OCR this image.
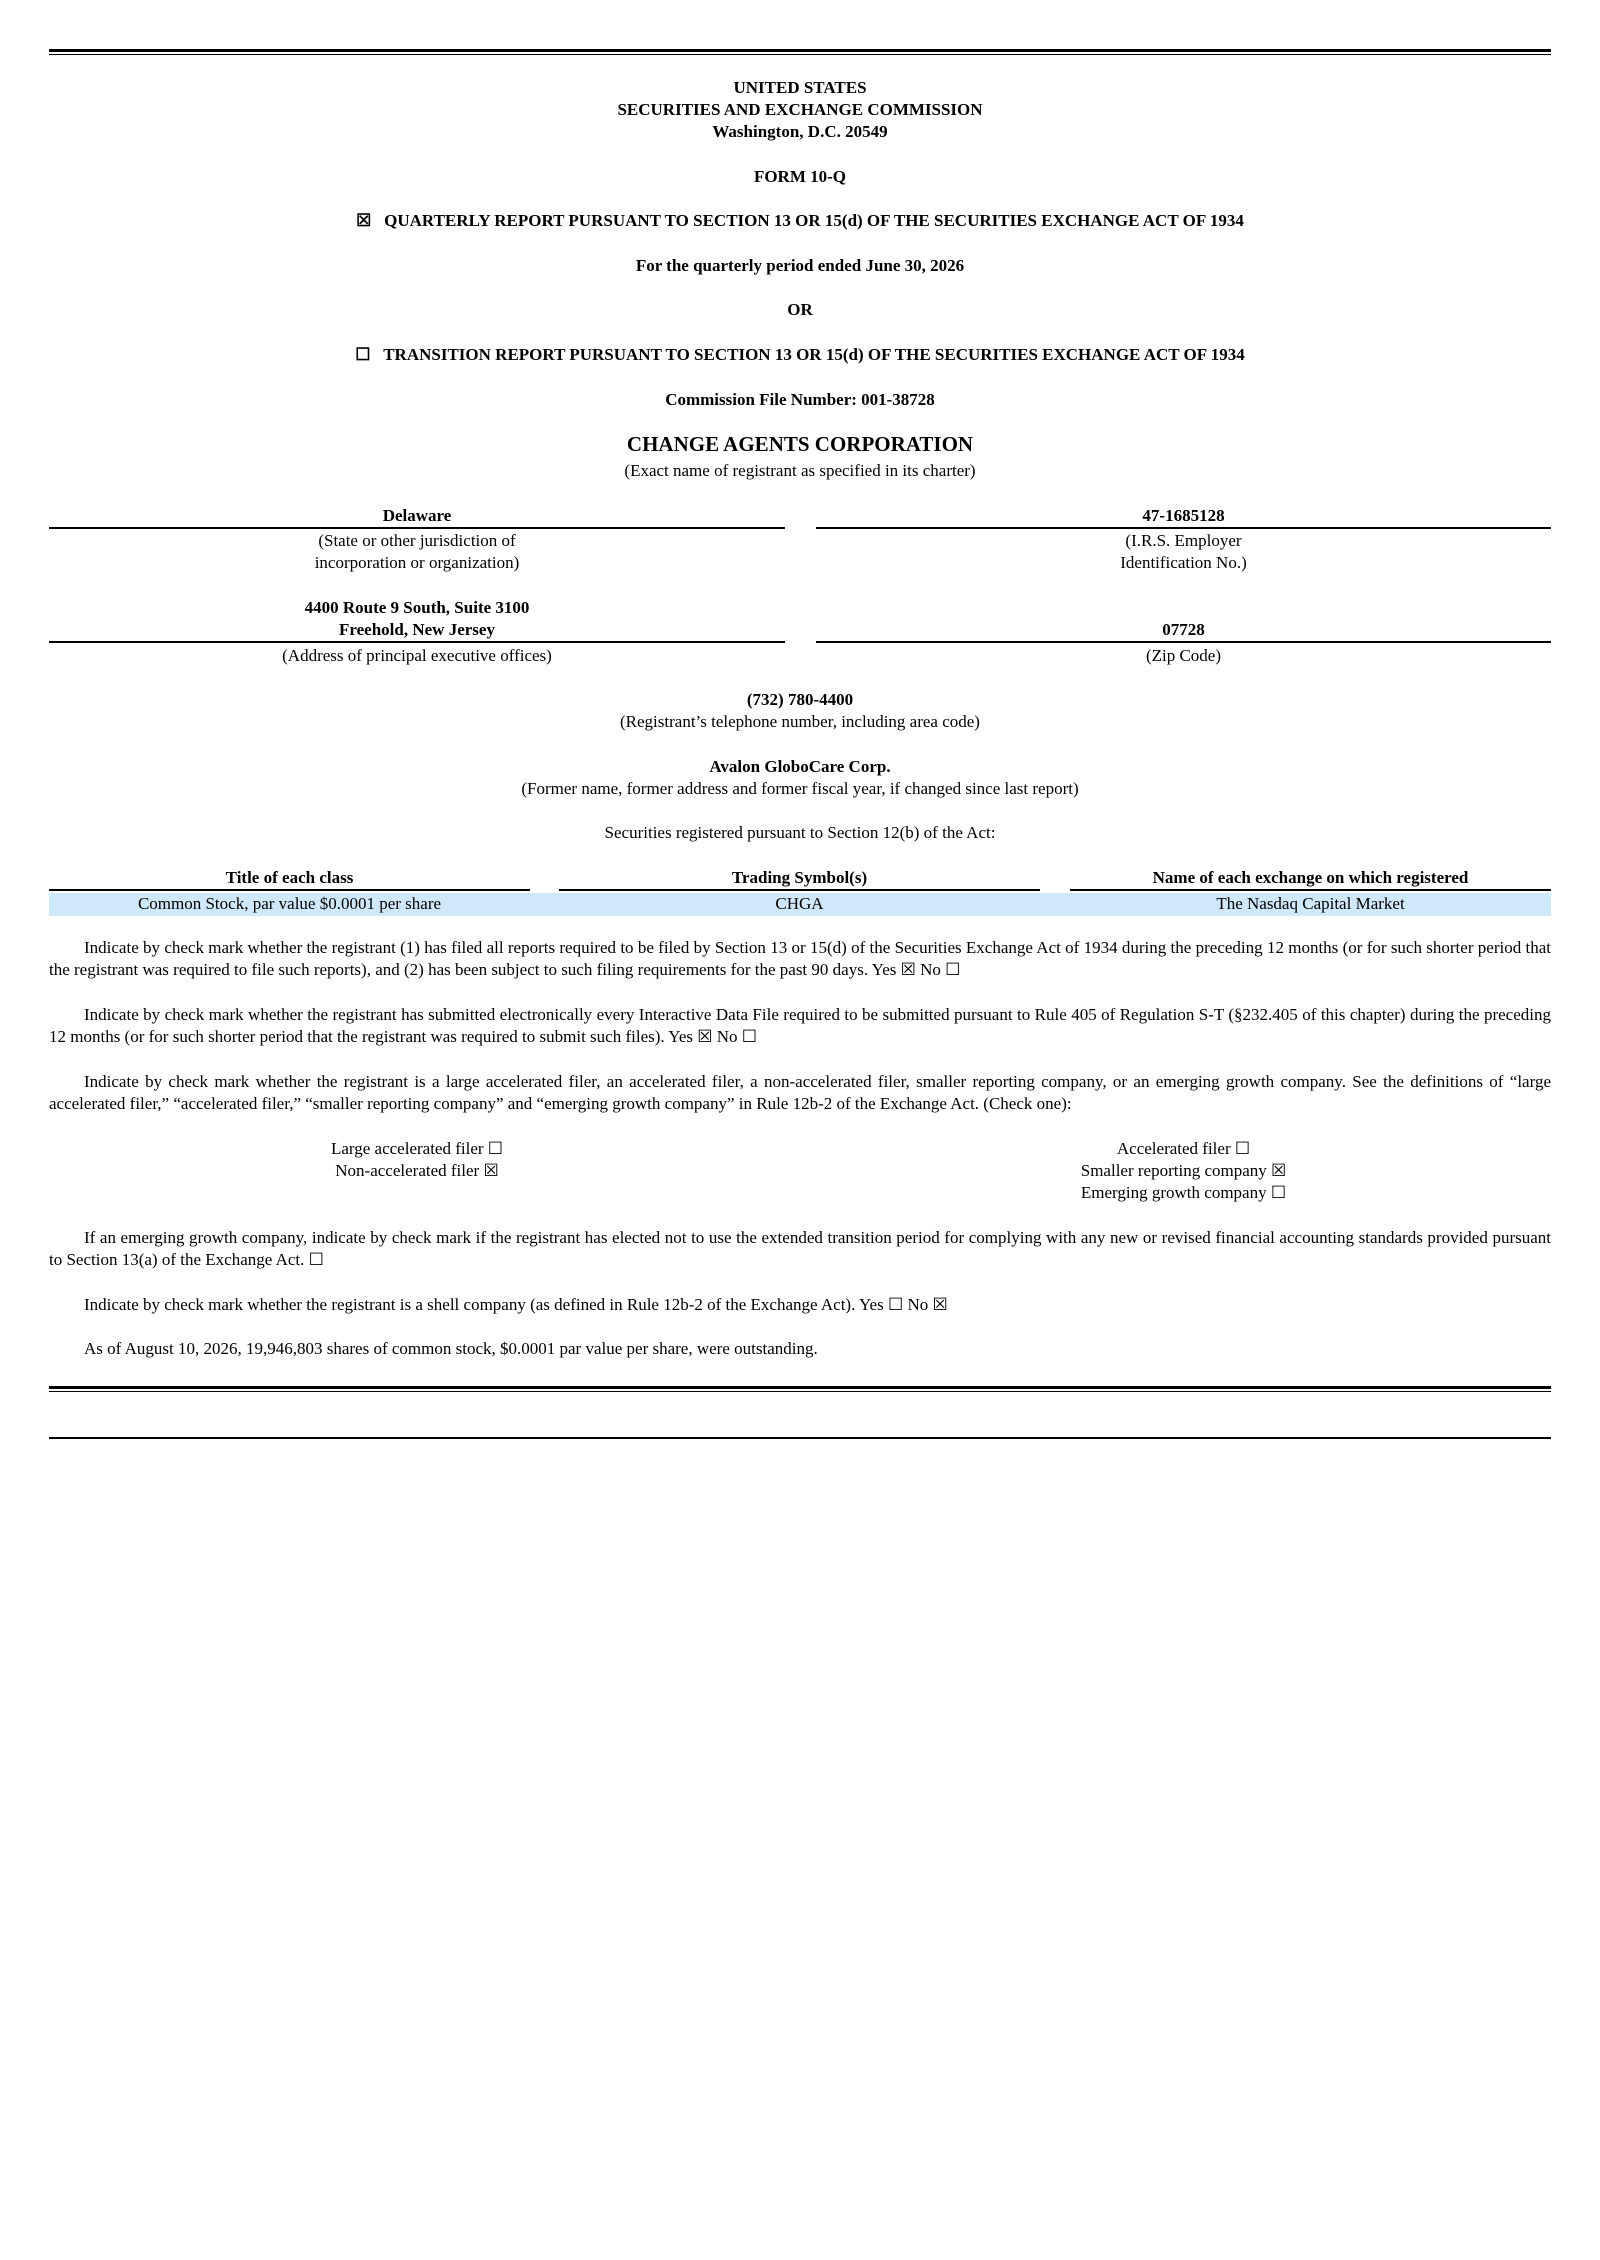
UNITED STATES
SECURITIES AND EXCHANGE COMMISSION
Washington, D.C. 20549
FORM 10-Q
☒ QUARTERLY REPORT PURSUANT TO SECTION 13 OR 15(d) OF THE SECURITIES EXCHANGE ACT OF 1934
For the quarterly period ended June 30, 2026
OR
☐ TRANSITION REPORT PURSUANT TO SECTION 13 OR 15(d) OF THE SECURITIES EXCHANGE ACT OF 1934
Commission File Number: 001-38728
CHANGE AGENTS CORPORATION
(Exact name of registrant as specified in its charter)
Delaware	47-1685128
(State or other jurisdiction of
incorporation or organization)
(I.R.S. Employer
Identification No.)
4400 Route 9 South, Suite 3100
Freehold, New Jersey	07728
(Address of principal executive offices)	(Zip Code)
(732) 780-4400
(Registrant’s telephone number, including area code)
Avalon GloboCare Corp.
(Former name, former address and former fiscal year, if changed since last report)
Securities registered pursuant to Section 12(b) of the Act:
Title of each class	Trading Symbol(s)	Name of each exchange on which registered
Common Stock, par value $0.0001 per share	CHGA	The Nasdaq Capital Market
Indicate by check mark whether the registrant (1) has filed all reports required to be filed by Section 13 or 15(d) of the Securities Exchange Act of 1934 during the preceding 12 months (or for such shorter period that the registrant was required to file such reports), and (2) has been subject to such filing requirements for the past 90 days. Yes ☒ No ☐
Indicate by check mark whether the registrant has submitted electronically every Interactive Data File required to be submitted pursuant to Rule 405 of Regulation S-T (§232.405 of this chapter) during the preceding 12 months (or for such shorter period that the registrant was required to submit such files). Yes ☒ No ☐
Indicate by check mark whether the registrant is a large accelerated filer, an accelerated filer, a non-accelerated filer, smaller reporting company, or an emerging growth company. See the definitions of “large accelerated filer,” “accelerated filer,” “smaller reporting company” and “emerging growth company” in Rule 12b-2 of the Exchange Act. (Check one):
Large accelerated filer ☐
Non-accelerated filer ☒
Accelerated filer ☐
Smaller reporting company ☒
Emerging growth company ☐
If an emerging growth company, indicate by check mark if the registrant has elected not to use the extended transition period for complying with any new or revised financial accounting standards provided pursuant to Section 13(a) of the Exchange Act. ☐
Indicate by check mark whether the registrant is a shell company (as defined in Rule 12b-2 of the Exchange Act). Yes ☐ No ☒
As of August 10, 2026, 19,946,803 shares of common stock, $0.0001 par value per share, were outstanding.
